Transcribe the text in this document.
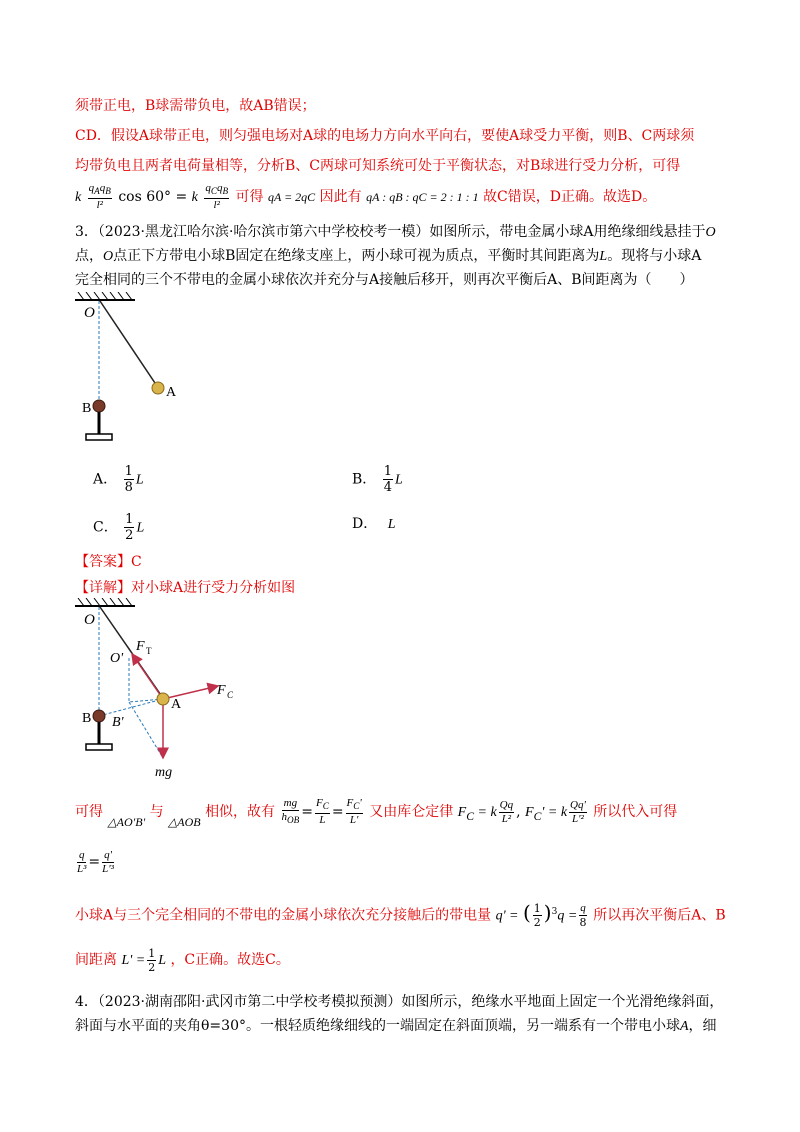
须带正电，B球需带负电，故AB错误；
CD．假设A球带正电，则匀强电场对A球的电场力方向水平向右，要使A球受力平衡，则B、C两球须
均带负电且两者电荷量相等，分析B、C两球可知系统可处于平衡状态，对B球进行受力分析，可得
k $\frac{q_Aq_B}{\text{l²}}$ cos 60° = k $\frac{q_Cq_B}{\text{l²}}$ 可得 qA = 2qC 因此有 qA : qB : qC = 2 : 1 : 1 故C错误，D正确。故选D。
3．（2023·黑龙江哈尔滨·哈尔滨市第六中学校校考一模）如图所示，带电金属小球A用绝缘细线悬挂于O
点，O点正下方带电小球B固定在绝缘支座上，两小球可视为质点，平衡时其间距离为L。现将与小球A
完全相同的三个不带电的金属小球依次并充分与A接触后移开，则再次平衡后A、B间距离为（　　）
O
A
B
A． $\frac{1}{8}$ L	B． $\frac{1}{4}$ L
C． $\frac{1}{2}$ L	D． L
【答案】C
【详解】对小球A进行受力分析如图
O
O'
F T
F C
A
B B'
mg
可得 △AO'B' 与 △AOB 相似，故有 $\frac{mg}{h_{OB}} = \frac{F_C}{L} = \frac{F_C'}{L'}$ 又由库仑定律 $F_C = k \frac{Qq}{\text{L²}}$ , $F_C' = k \frac{Qq'}{\text{L'²}}$ 所以代入可得
$\frac{q}{\text{L³}} = \frac{q'}{\text{L'³}}$
小球A与三个完全相同的不带电的金属小球依次充分接触后的带电量 q' = ( $\frac{1}{2} )^3q = \frac{q}{8}$ 所以再次平衡后A、B
间距离 $L' = \frac{1}{2}$ L ，C正确。故选C。
4．（2023·湖南邵阳·武冈市第二中学校考模拟预测）如图所示，绝缘水平地面上固定一个光滑绝缘斜面，
斜面与水平面的夹角θ=30°。一根轻质绝缘细线的一端固定在斜面顶端，另一端系有一个带电小球A，细
